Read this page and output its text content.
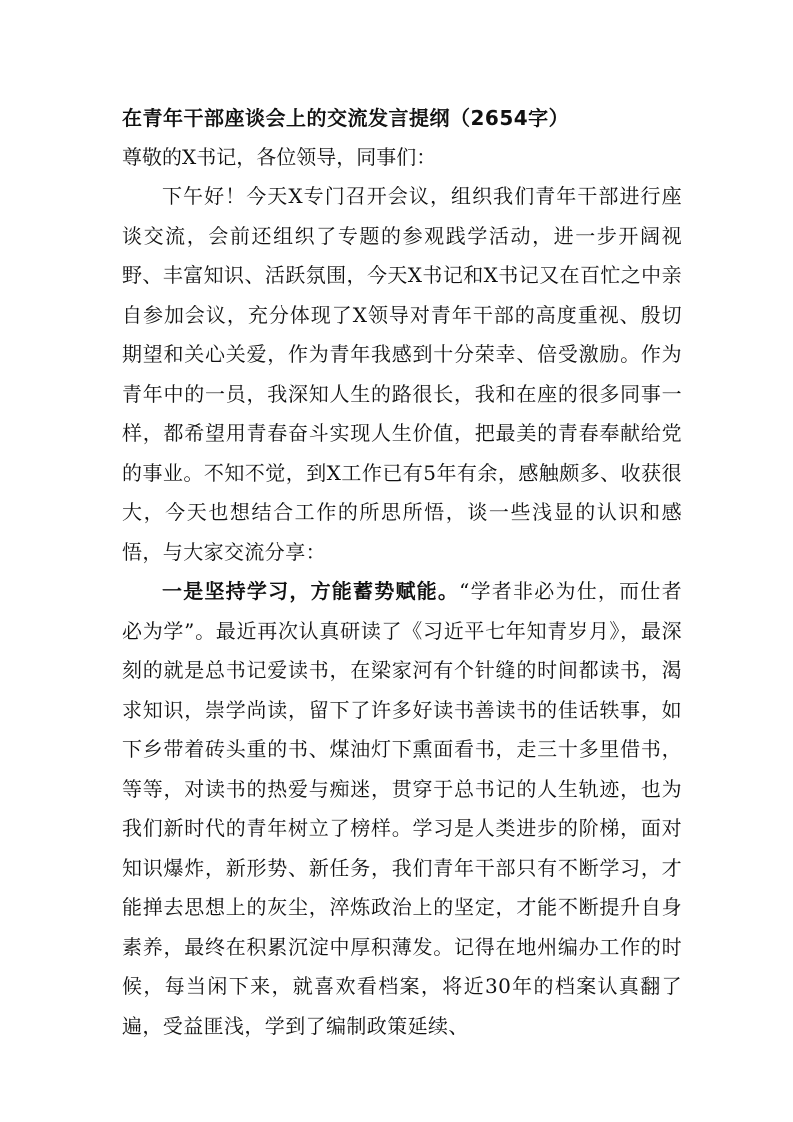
在青年干部座谈会上的交流发言提纲（2654字）

尊敬的X书记，各位领导，同事们：

下午好！今天X专门召开会议，组织我们青年干部进行座谈交流，会前还组织了专题的参观践学活动，进一步开阔视野、丰富知识、活跃氛围，今天X书记和X书记又在百忙之中亲自参加会议，充分体现了X领导对青年干部的高度重视、殷切期望和关心关爱，作为青年我感到十分荣幸、倍受激励。作为青年中的一员，我深知人生的路很长，我和在座的很多同事一样，都希望用青春奋斗实现人生价值，把最美的青春奉献给党的事业。不知不觉，到X工作已有5年有余，感触颇多、收获很大，今天也想结合工作的所思所悟，谈一些浅显的认识和感悟，与大家交流分享：

一是坚持学习，方能蓄势赋能。“学者非必为仕，而仕者必为学”。最近再次认真研读了《习近平七年知青岁月》，最深刻的就是总书记爱读书，在梁家河有个针缝的时间都读书，渴求知识，崇学尚读，留下了许多好读书善读书的佳话轶事，如下乡带着砖头重的书、煤油灯下熏面看书，走三十多里借书，等等，对读书的热爱与痴迷，贯穿于总书记的人生轨迹，也为我们新时代的青年树立了榜样。学习是人类进步的阶梯，面对知识爆炸，新形势、新任务，我们青年干部只有不断学习，才能掸去思想上的灰尘，淬炼政治上的坚定，才能不断提升自身素养，最终在积累沉淀中厚积薄发。记得在地州编办工作的时候，每当闲下来，就喜欢看档案，将近30年的档案认真翻了遍，受益匪浅，学到了编制政策延续、
